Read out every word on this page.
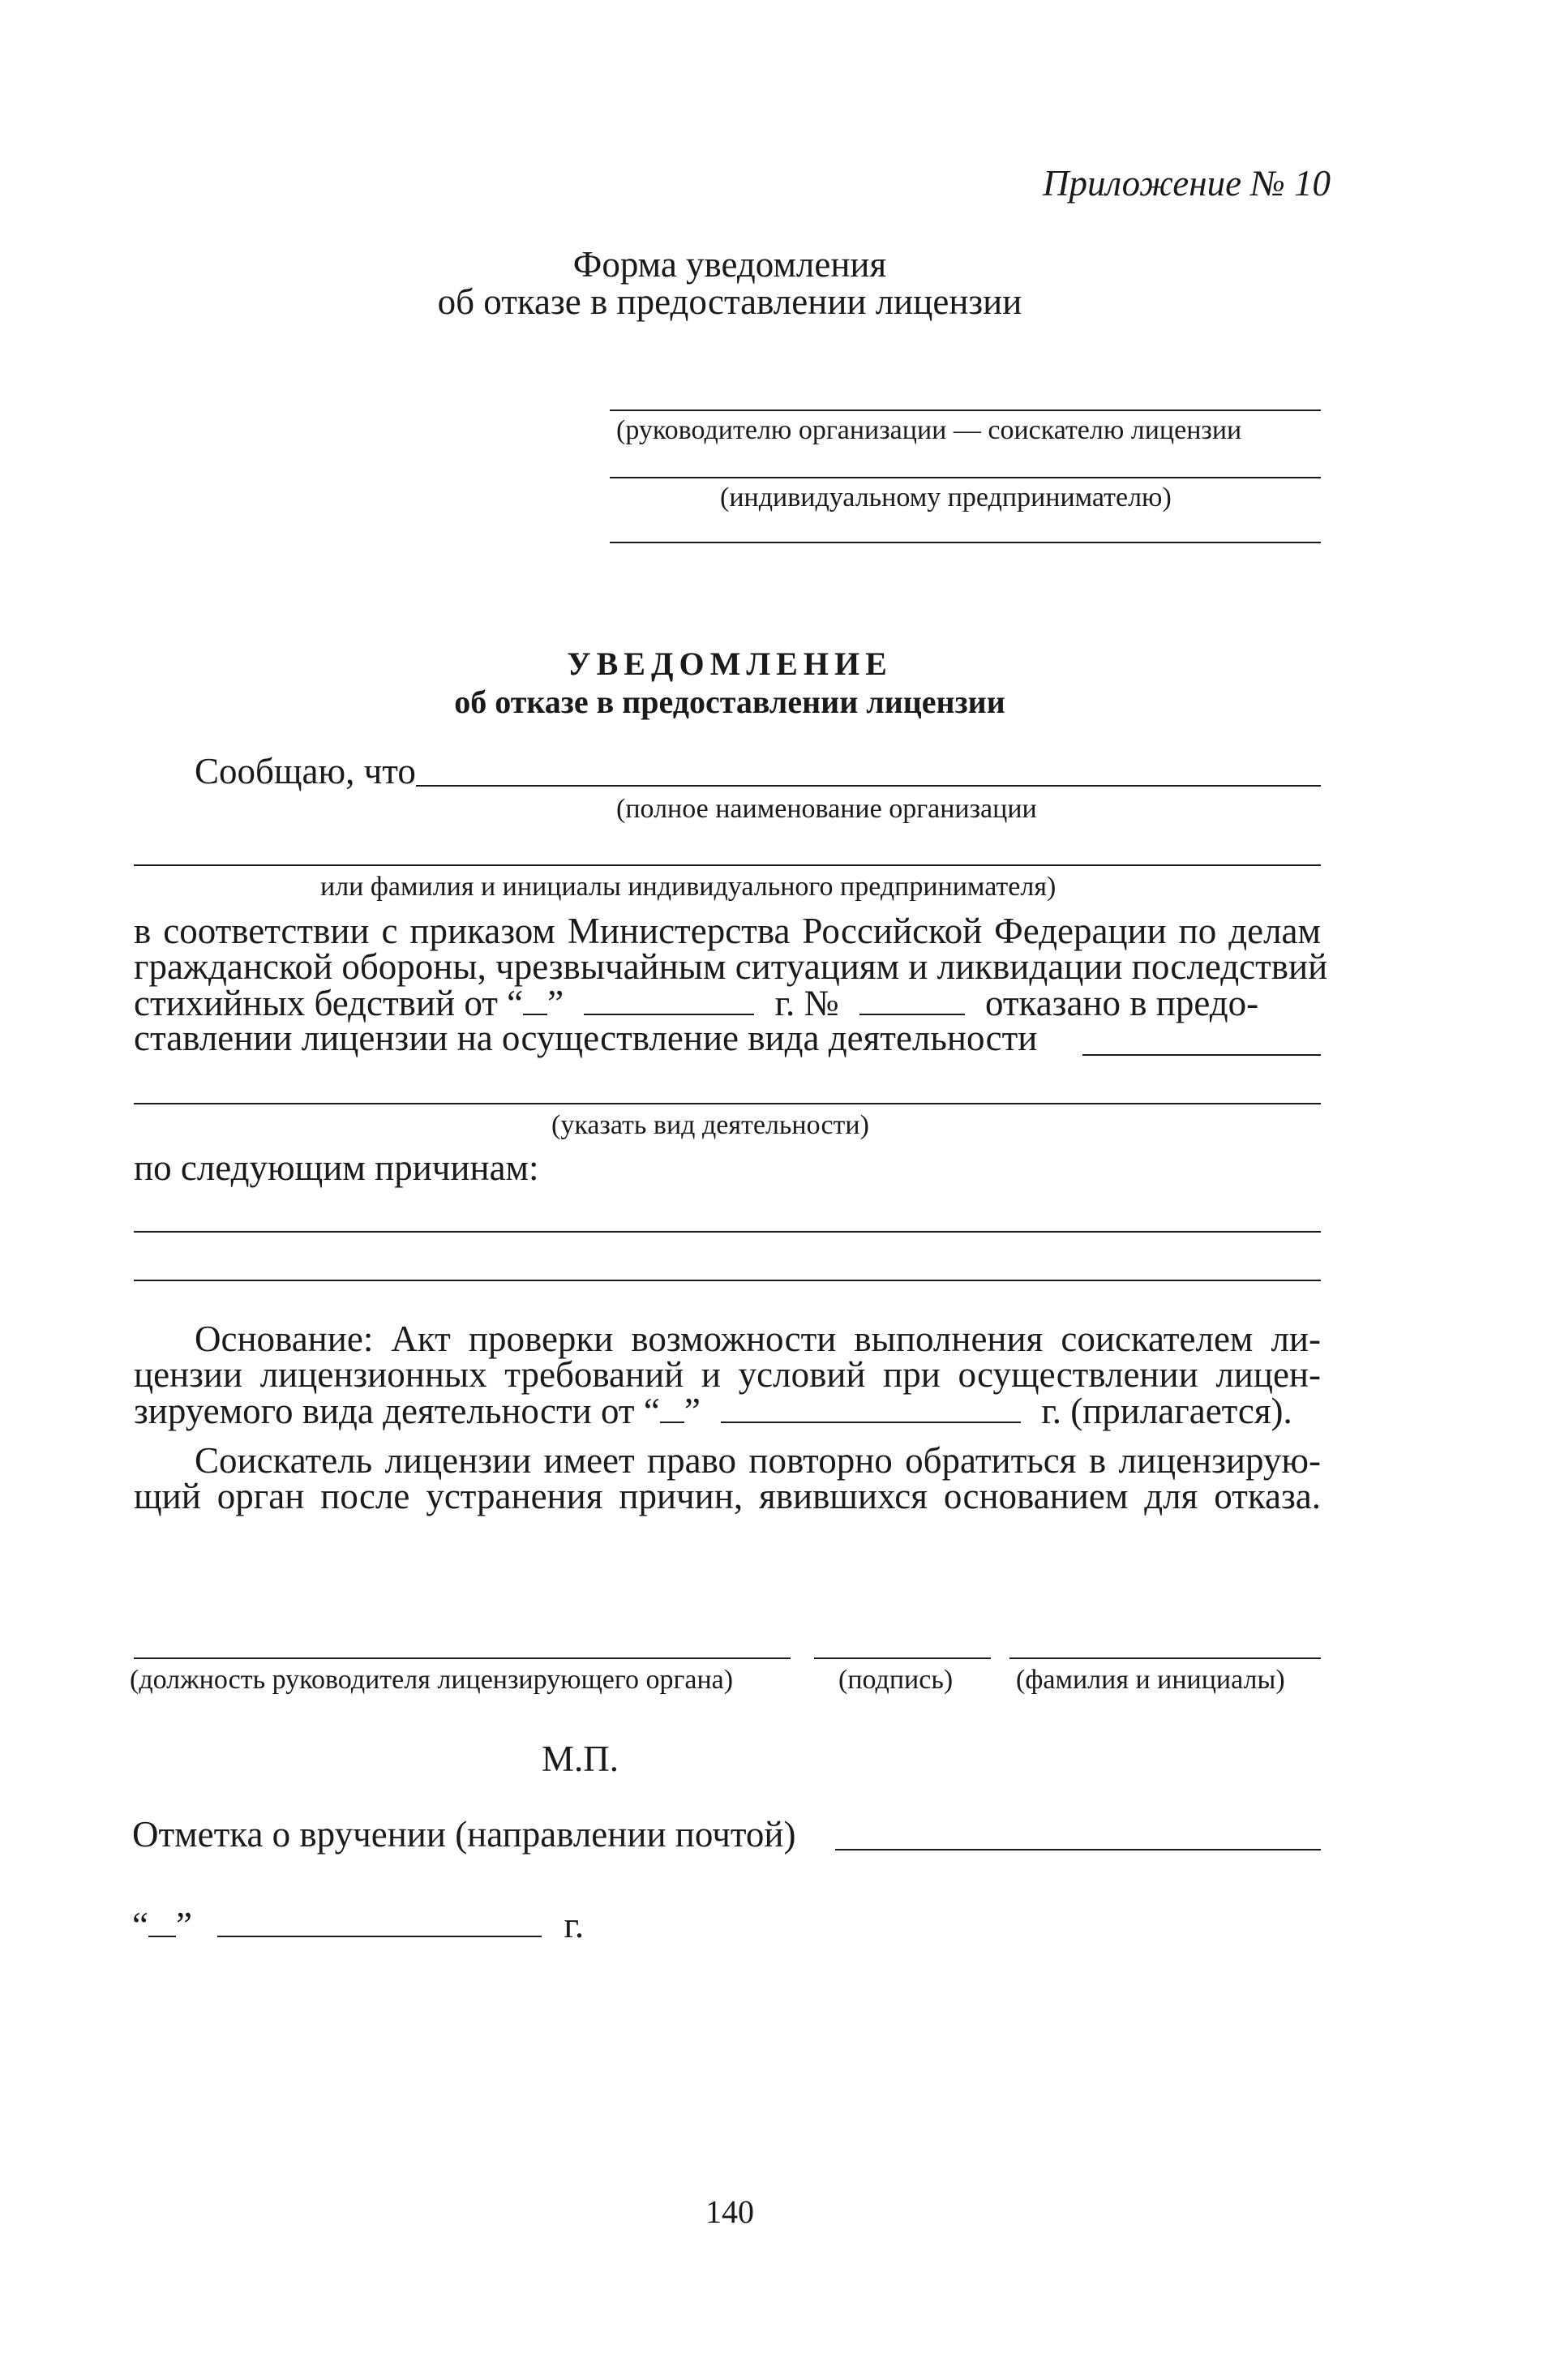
Приложение № 10
Форма уведомления
об отказе в предоставлении лицензии
(руководителю организации — соискателю лицензии
(индивидуальному предпринимателю)
УВЕДОМЛЕНИЕ
об отказе в предоставлении лицензии
Сообщаю, что
(полное наименование организации
или фамилия и инициалы индивидуального предпринимателя)
в соответствии с приказом Министерства Российской Федерации по делам
гражданской обороны, чрезвычайным ситуациям и ликвидации последствий
стихийных бедствий от “ ”	г. №	отказано в предо-
ставлении лицензии на осуществление вида деятельности
(указать вид деятельности)
по следующим причинам:
Основание: Акт проверки возможности выполнения соискателем ли-
цензии лицензионных требований и условий при осуществлении лицен-
зируемого вида деятельности от “ ”	г. (прилагается).
Соискатель лицензии имеет право повторно обратиться в лицензирую-
щий орган после устранения причин, явившихся основанием для отказа.
(должность руководителя лицензирующего органа)	(подпись) (фамилия и инициалы)
М.П.
Отметка о вручении (направлении почтой)
“ ”	г.
140
